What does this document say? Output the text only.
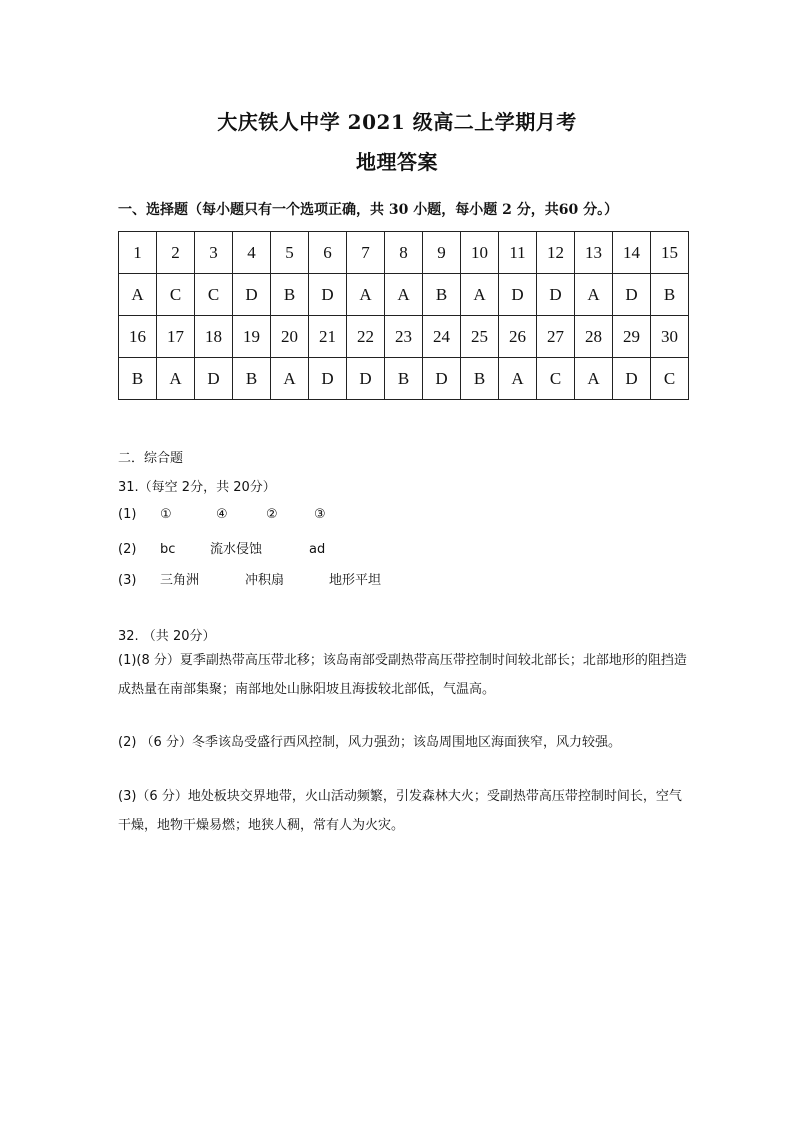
大庆铁人中学 2021 级高二上学期月考
地理答案
一、选择题（每小题只有一个选项正确，共 30 小题，每小题 2 分，共60 分。）
1	2	3	4	5	6	7	8	9	10	11	12	13	14	15
A	C	C	D	B	D	A	A	B	A	D	D	A	D	B
16	17	18	19	20	21	22	23	24	25	26	27	28	29	30
B	A	D	B	A	D	D	B	D	B	A	C	A	D	C
二．综合题
31.（每空 2分，共 20分）
(1) ①	④	②	③
(2) bc	流水侵蚀	ad
(3) 三角洲	冲积扇	地形平坦
32. （共 20分）
(1)(8 分）夏季副热带高压带北移；该岛南部受副热带高压带控制时间较北部长；北部地形的阻挡造成热量在南部集聚；南部地处山脉阳坡且海拔较北部低，气温高。
(2) （6 分）冬季该岛受盛行西风控制，风力强劲；该岛周围地区海面狭窄，风力较强。
(3)（6 分）地处板块交界地带，火山活动频繁，引发森林大火；受副热带高压带控制时间长，空气干燥，地物干燥易燃；地狭人稠，常有人为火灾。
